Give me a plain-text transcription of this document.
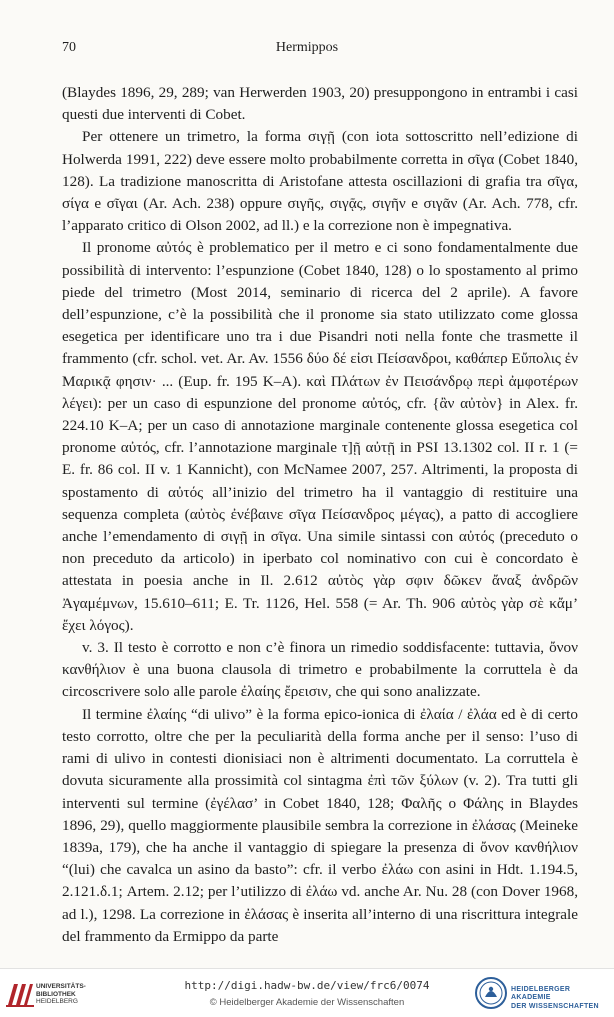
70	Hermippos

(Blaydes 1896, 29, 289; van Herwerden 1903, 20) presuppongono in entrambi i casi questi due interventi di Cobet.

Per ottenere un trimetro, la forma σιγῇ (con iota sottoscritto nell’edizione di Holwerda 1991, 222) deve essere molto probabilmente corretta in σῖγα (Cobet 1840, 128). La tradizione manoscritta di Aristofane attesta oscillazioni di grafia tra σῖγα, σίγα e σῖγαι (Ar. Ach. 238) oppure σιγῆς, σιγᾷς, σιγῆν e σιγᾶν (Ar. Ach. 778, cfr. l’apparato critico di Olson 2002, ad ll.) e la correzione non è impegnativa.

Il pronome αὐτός è problematico per il metro e ci sono fondamentalmente due possibilità di intervento: l’espunzione (Cobet 1840, 128) o lo spostamento al primo piede del trimetro (Most 2014, seminario di ricerca del 2 aprile). A favore dell’espunzione, c’è la possibilità che il pronome sia stato utilizzato come glossa esegetica per identificare uno tra i due Pisandri noti nella fonte che trasmette il frammento (cfr. schol. vet. Ar. Av. 1556 δύο δέ εἰσι Πείσανδροι, καθάπερ Εὔπολις ἐν Μαρικᾷ φησιν· ... (Eup. fr. 195 K–A). καὶ Πλάτων ἐν Πεισάνδρῳ περὶ ἀμφοτέρων λέγει): per un caso di espunzione del pronome αὐτός, cfr. {ἂν αὐτὸν} in Alex. fr. 224.10 K–A; per un caso di annotazione marginale contenente glossa esegetica col pronome αὐτός, cfr. l’annotazione marginale τ]ῇ αὐτῇ in PSI 13.1302 col. II r. 1 (= E. fr. 86 col. II v. 1 Kannicht), con McNamee 2007, 257. Altrimenti, la proposta di spostamento di αὐτός all’inizio del trimetro ha il vantaggio di restituire una sequenza completa (αὐτὸς ἐνέβαινε σῖγα Πείσανδρος μέγας), a patto di accogliere anche l’emendamento di σιγῇ in σῖγα. Una simile sintassi con αὐτός (preceduto o non preceduto da articolo) in iperbato col nominativo con cui è concordato è attestata in poesia anche in Il. 2.612 αὐτὸς γὰρ σφιν δῶκεν ἄναξ ἀνδρῶν Ἀγαμέμνων, 15.610–611; E. Tr. 1126, Hel. 558 (= Ar. Th. 906 αὐτὸς γὰρ σὲ κἄμ’ ἔχει λόγος).

v. 3. Il testo è corrotto e non c’è finora un rimedio soddisfacente: tuttavia, ὄνον κανθήλιον è una buona clausola di trimetro e probabilmente la corruttela è da circoscrivere solo alle parole ἐλαίης ἔρεισιν, che qui sono analizzate.

Il termine ἐλαίης “di ulivo” è la forma epico-ionica di ἐλαία / ἐλάα ed è di certo testo corrotto, oltre che per la peculiarità della forma anche per il senso: l’uso di rami di ulivo in contesti dionisiaci non è altrimenti documentato. La corruttela è dovuta sicuramente alla prossimità col sintagma ἐπὶ τῶν ξύλων (v. 2). Tra tutti gli interventi sul termine (ἐγέλασ’ in Cobet 1840, 128; Φαλῆς o Φάλης in Blaydes 1896, 29), quello maggiormente plausibile sembra la correzione in ἐλάσας (Meineke 1839a, 179), che ha anche il vantaggio di spiegare la presenza di ὄνον κανθήλιον “(lui) che cavalca un asino da basto”: cfr. il verbo ἐλάω con asini in Hdt. 1.194.5, 2.121.δ.1; Artem. 2.12; per l’utilizzo di ἐλάω vd. anche Ar. Nu. 28 (con Dover 1968, ad l.), 1298. La correzione in ἐλάσας è inserita all’interno di una riscrittura integrale del frammento da Ermippo da parte

UNIVERSITÄTS-
BIBLIOTHEK
HEIDELBERG
http://digi.hadw-bw.de/view/frc6/0074
© Heidelberger Akademie der Wissenschaften
HEIDELBERGER AKADEMIE
DER WISSENSCHAFTEN
